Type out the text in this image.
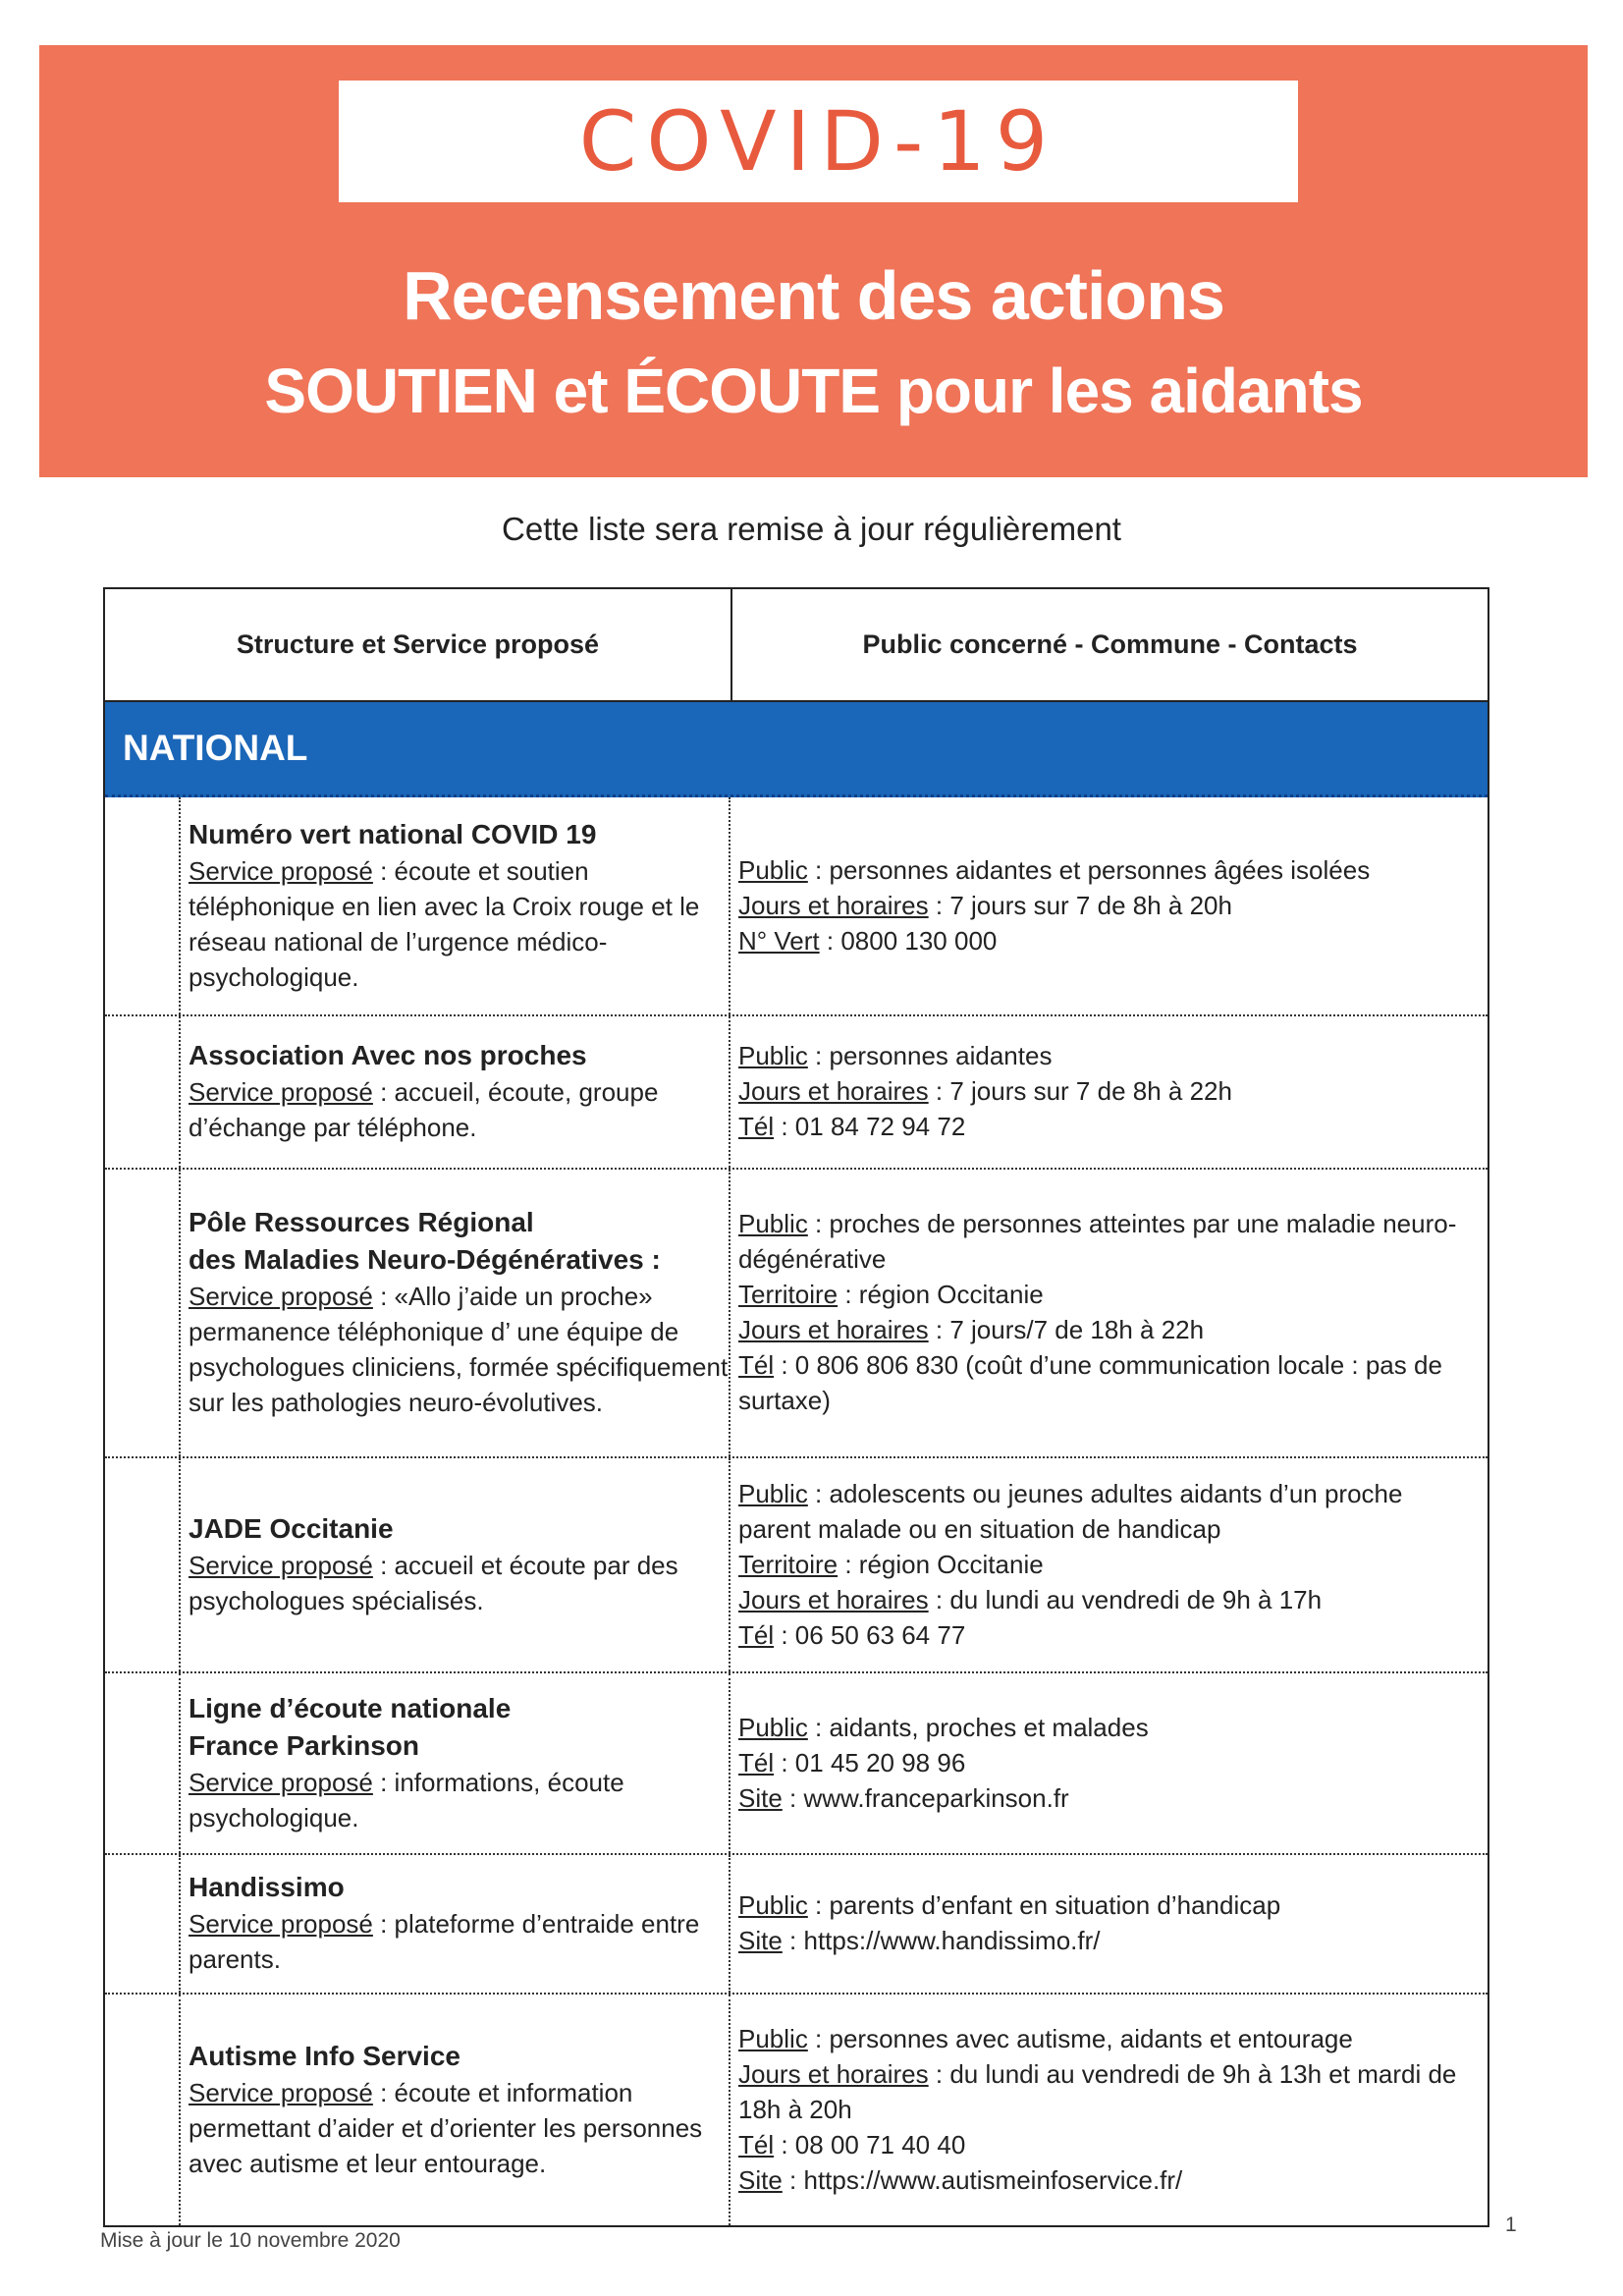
COVID-19
Recensement des actions
SOUTIEN et ÉCOUTE pour les aidants
Cette liste sera remise à jour régulièrement
Structure et Service proposé	Public concerné - Commune - Contacts
NATIONAL
Numéro vert national COVID 19
Service proposé : écoute et soutien téléphonique en lien avec la Croix rouge et le réseau national de l’urgence médico-psychologique.
Public : personnes aidantes et personnes âgées isolées
Jours et horaires : 7 jours sur 7 de 8h à 20h
N° Vert : 0800 130 000
Association Avec nos proches
Service proposé : accueil, écoute, groupe d’échange par téléphone.
Public : personnes aidantes
Jours et horaires : 7 jours sur 7 de 8h à 22h
Tél : 01 84 72 94 72
Pôle Ressources Régional
des Maladies Neuro-Dégénératives :
Service proposé : «Allo j’aide un proche» permanence téléphonique d’ une équipe de psychologues cliniciens, formée spécifiquement sur les pathologies neuro-évolutives.
Public : proches de personnes atteintes par une maladie neuro-dégénérative
Territoire : région Occitanie
Jours et horaires : 7 jours/7 de 18h à 22h
Tél : 0 806 806 830 (coût d’une communication locale : pas de surtaxe)
JADE Occitanie
Service proposé : accueil et écoute par des psychologues spécialisés.
Public : adolescents ou jeunes adultes aidants d’un proche parent malade ou en situation de handicap
Territoire : région Occitanie
Jours et horaires : du lundi au vendredi de 9h à 17h
Tél : 06 50 63 64 77
Ligne d’écoute nationale
France Parkinson
Service proposé : informations, écoute psychologique.
Public : aidants, proches et malades
Tél : 01 45 20 98 96
Site : www.franceparkinson.fr
Handissimo
Service proposé : plateforme d’entraide entre parents.
Public : parents d’enfant en situation d’handicap
Site : https://www.handissimo.fr/
Autisme Info Service
Service proposé : écoute et information permettant d’aider et d’orienter les personnes avec autisme et leur entourage.
Public : personnes avec autisme, aidants et entourage
Jours et horaires : du lundi au vendredi de 9h à 13h et mardi de 18h à 20h
Tél : 08 00 71 40 40
Site : https://www.autismeinfoservice.fr/
Mise à jour le 10 novembre 2020
1
